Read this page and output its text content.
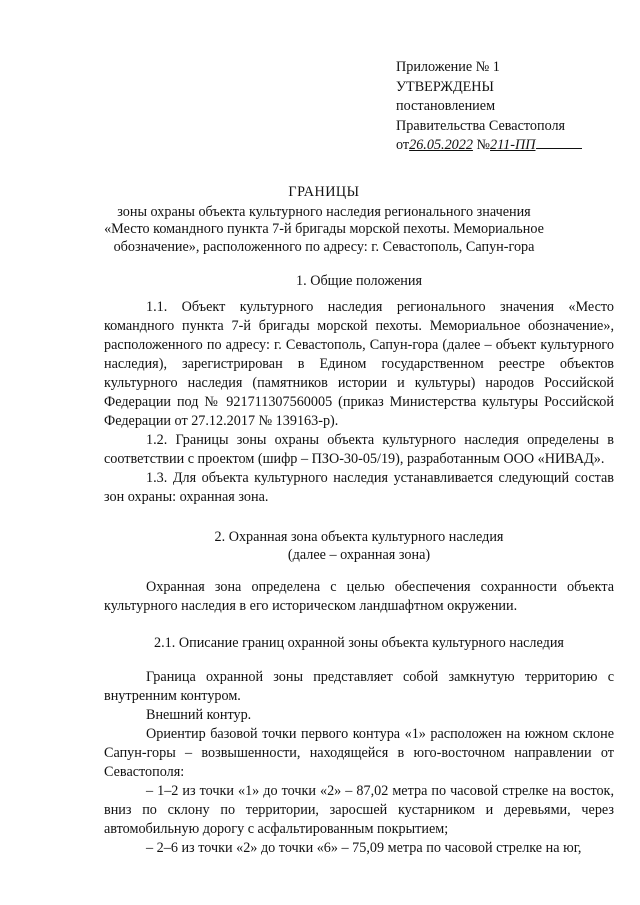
Приложение № 1
УТВЕРЖДЕНЫ
постановлением
Правительства Севастополя
от26.05.2022 №211-ПП
ГРАНИЦЫ
зоны охраны объекта культурного наследия регионального значения «Место командного пункта 7-й бригады морской пехоты. Мемориальное обозначение», расположенного по адресу: г. Севастополь, Сапун-гора
1. Общие положения

1.1. Объект культурного наследия регионального значения «Место командного пункта 7-й бригады морской пехоты. Мемориальное обозначение», расположенного по адресу: г. Севастополь, Сапун-гора (далее – объект культурного наследия), зарегистрирован в Едином государственном реестре объектов культурного наследия (памятников истории и культуры) народов Российской Федерации под № 921711307560005 (приказ Министерства культуры Российской Федерации от 27.12.2017 № 139163-р).

1.2. Границы зоны охраны объекта культурного наследия определены в соответствии с проектом (шифр – ПЗО-30-05/19), разработанным ООО «НИВАД».

1.3. Для объекта культурного наследия устанавливается следующий состав зон охраны: охранная зона.

2. Охранная зона объекта культурного наследия
(далее – охранная зона)

Охранная зона определена с целью обеспечения сохранности объекта культурного наследия в его историческом ландшафтном окружении.

2.1. Описание границ охранной зоны объекта культурного наследия

Граница охранной зоны представляет собой замкнутую территорию с внутренним контуром.

Внешний контур.

Ориентир базовой точки первого контура «1» расположен на южном склоне Сапун-горы – возвышенности, находящейся в юго-восточном направлении от Севастополя:

– 1–2 из точки «1» до точки «2» – 87,02 метра по часовой стрелке на восток, вниз по склону по территории, заросшей кустарником и деревьями, через автомобильную дорогу с асфальтированным покрытием;

– 2–6 из точки «2» до точки «6» – 75,09 метра по часовой стрелке на юг,
